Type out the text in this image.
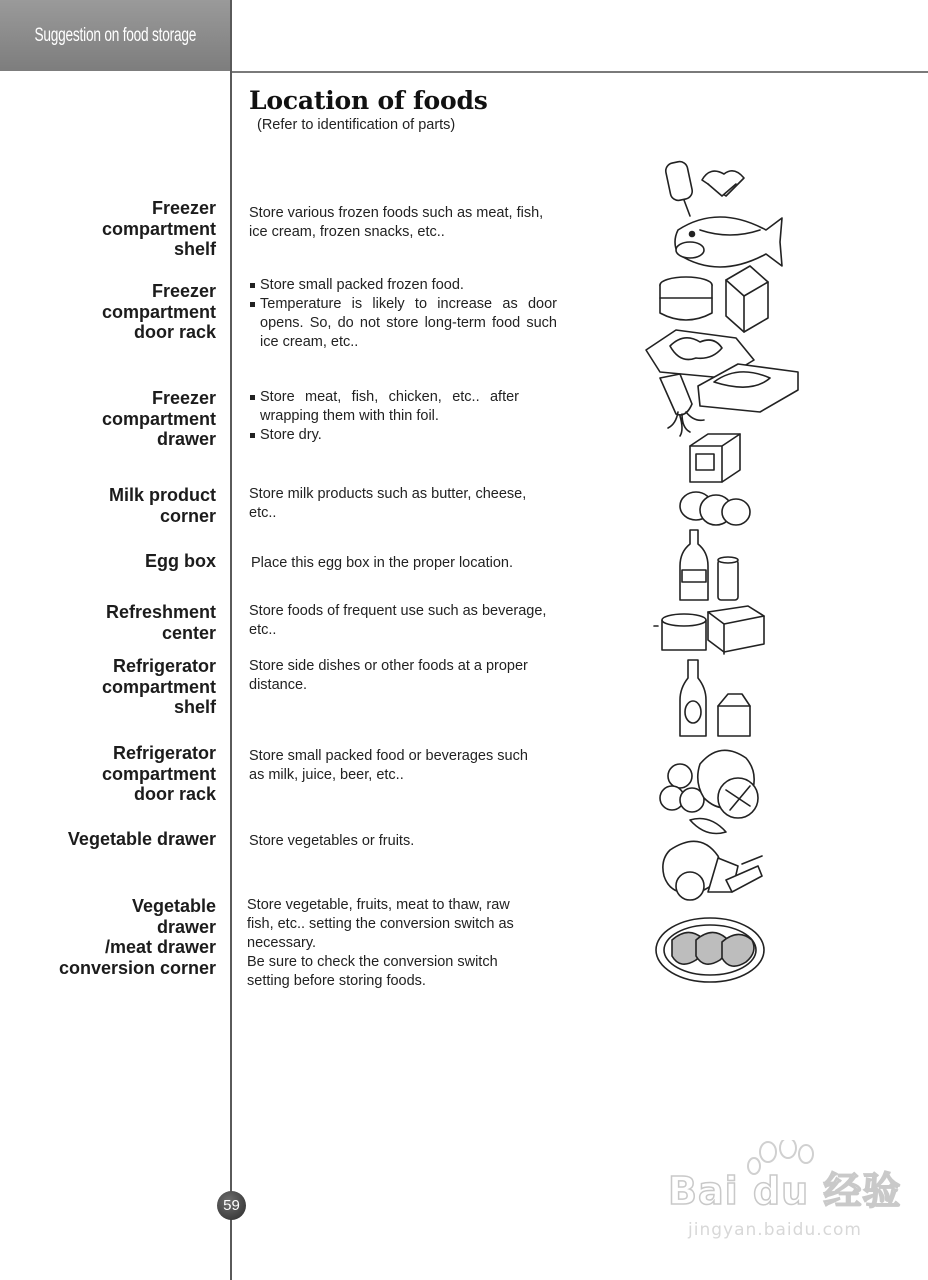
Suggestion on food storage
Location of foods
(Refer to identification of parts)
Freezer
compartment
shelf
Store various frozen foods such as meat, fish,
ice cream, frozen snacks, etc..
Freezer
compartment
door rack
Store small packed frozen food.
Temperature is likely to increase as door opens. So, do not store long-term food such ice cream, etc..
Freezer
compartment
drawer
Store meat, fish, chicken, etc.. after wrapping them with thin foil.
Store dry.
Milk product
corner
Store milk products such as butter, cheese,
etc..
Egg box Place this egg box in the proper location.
Refreshment
center
Store foods of frequent use such as beverage,
etc..
Refrigerator
compartment
shelf
Store side dishes or other foods at a proper
distance.
Refrigerator
compartment
door rack
Store small packed food or beverages such
as milk, juice, beer, etc..
Vegetable drawer Store vegetables or fruits.
Vegetable
drawer
/meat drawer
conversion corner
Store vegetable, fruits, meat to thaw, raw
fish, etc.. setting the conversion switch as
necessary.
Be sure to check the conversion switch
setting before storing foods.
59	Bai du 经验
jingyan.baidu.com
